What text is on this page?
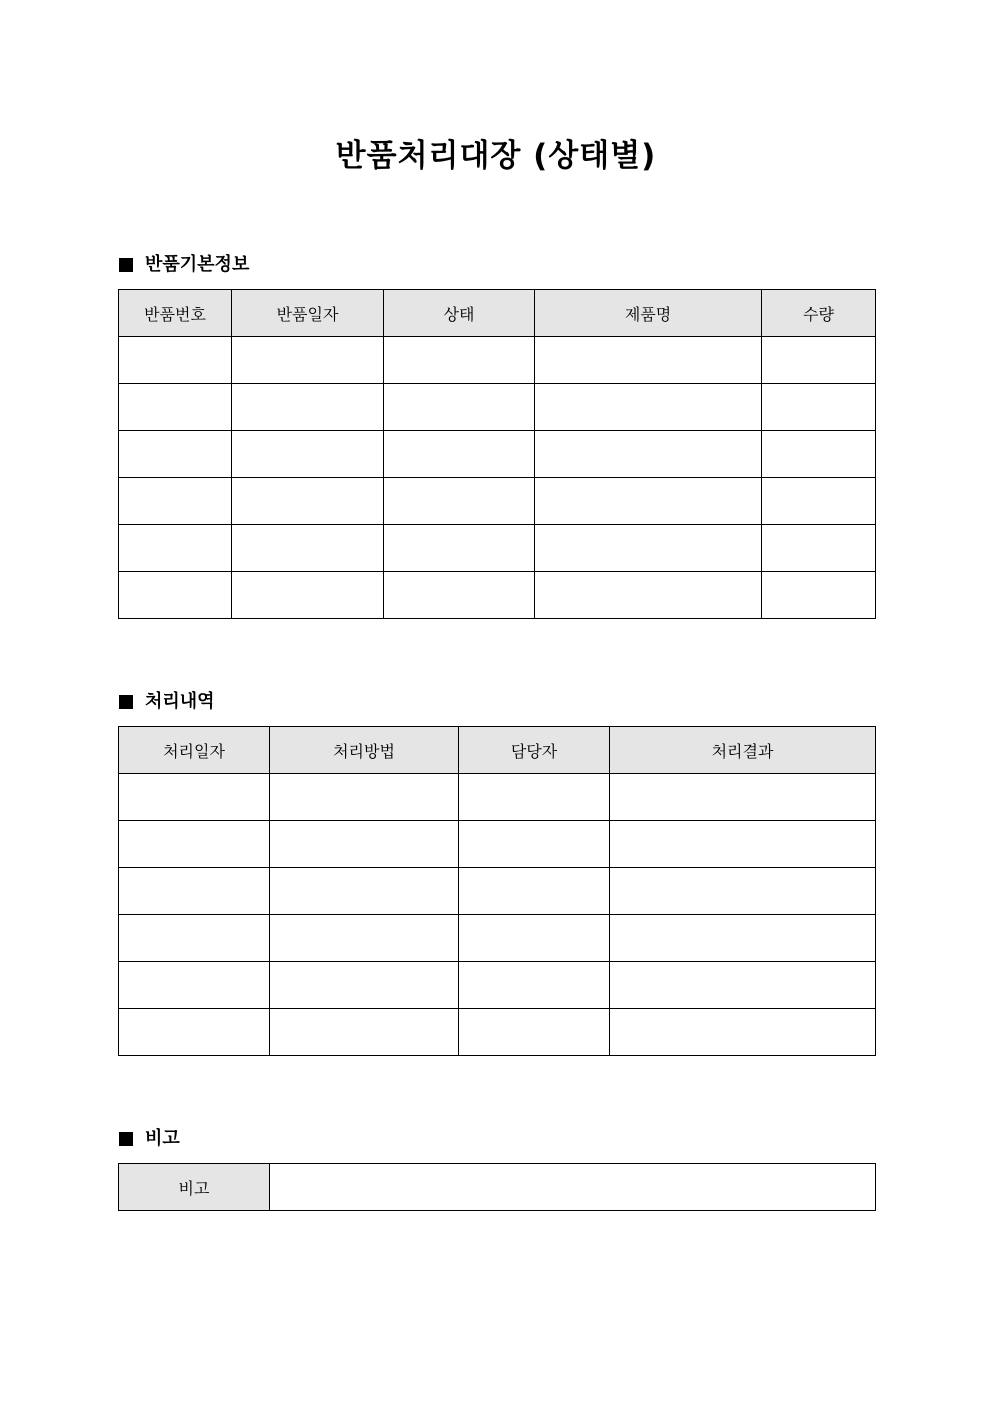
반품처리대장 (상태별)
반품기본정보
반품번호	반품일자	상태	제품명	수량

처리내역
처리일자	처리방법	담당자	처리결과

비고
비고	
